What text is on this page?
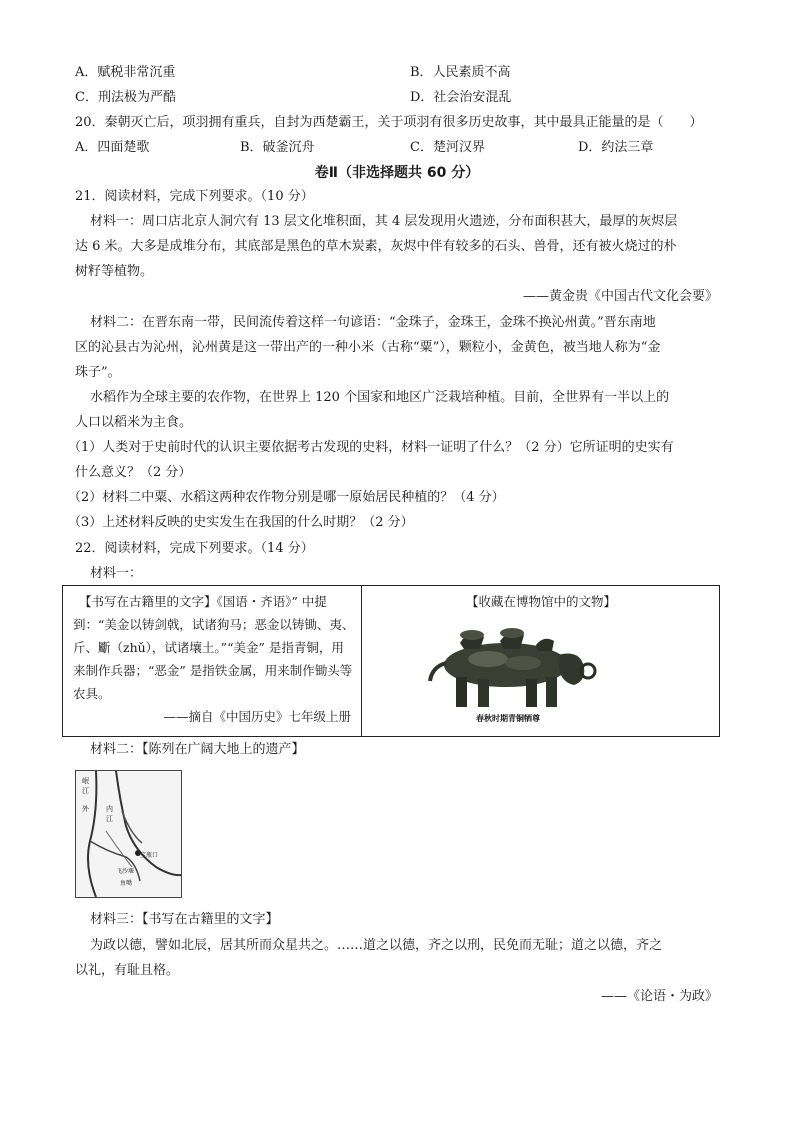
A．赋税非常沉重	B．人民素质不高
C．刑法极为严酷	D．社会治安混乱
20．秦朝灭亡后，项羽拥有重兵，自封为西楚霸王，关于项羽有很多历史故事，其中最具正能量的是（　　）
A．四面楚歌	B．破釜沉舟	C．楚河汉界	D．约法三章
卷Ⅱ（非选择题共 60 分）
21．阅读材料，完成下列要求。（10 分）
材料一：周口店北京人洞穴有 13 层文化堆积面，其 4 层发现用火遗迹，分布面积甚大，最厚的灰烬层
达 6 米。大多是成堆分布，其底部是黑色的草木炭素，灰烬中伴有较多的石头、兽骨，还有被火烧过的朴
树籽等植物。
——黄金贵《中国古代文化会要》
材料二：在晋东南一带，民间流传着这样一句谚语：“金珠子，金珠王，金珠不换沁州黄。”晋东南地
区的沁县古为沁州，沁州黄是这一带出产的一种小米（古称“粟”），颗粒小，金黄色，被当地人称为“金
珠子”。
水稻作为全球主要的农作物，在世界上 120 个国家和地区广泛栽培种植。目前，全世界有一半以上的
人口以稻米为主食。
（1）人类对于史前时代的认识主要依据考古发现的史料，材料一证明了什么？（2 分）它所证明的史实有
什么意义？（2 分）
（2）材料二中粟、水稻这两种农作物分别是哪一原始居民种植的？（4 分）
（3）上述材料反映的史实发生在我国的什么时期？（2 分）
22．阅读材料，完成下列要求。（14 分）
材料一：
【书写在古籍里的文字】《国语・齐语》” 中提
到：“美金以铸剑戟，试诸狗马；恶金以铸锄、夷、
斤、斸（zhǔ），试诸壤土。”“美金” 是指青铜，用
来制作兵器；“恶金” 是指铁金属，用来制作锄头等
农具。
——摘自《中国历史》七年级上册
【收藏在博物馆中的文物】
春秋时期青铜牺尊
材料二：【陈列在广阔大地上的遗产】
岷
江
外 内
江
宝瓶口
飞沙堰
鱼嘴
材料三：【书写在古籍里的文字】
为政以德，譬如北辰，居其所而众星共之。……道之以德，齐之以刑，民免而无耻；道之以德，齐之
以礼，有耻且格。
——《论语・为政》
